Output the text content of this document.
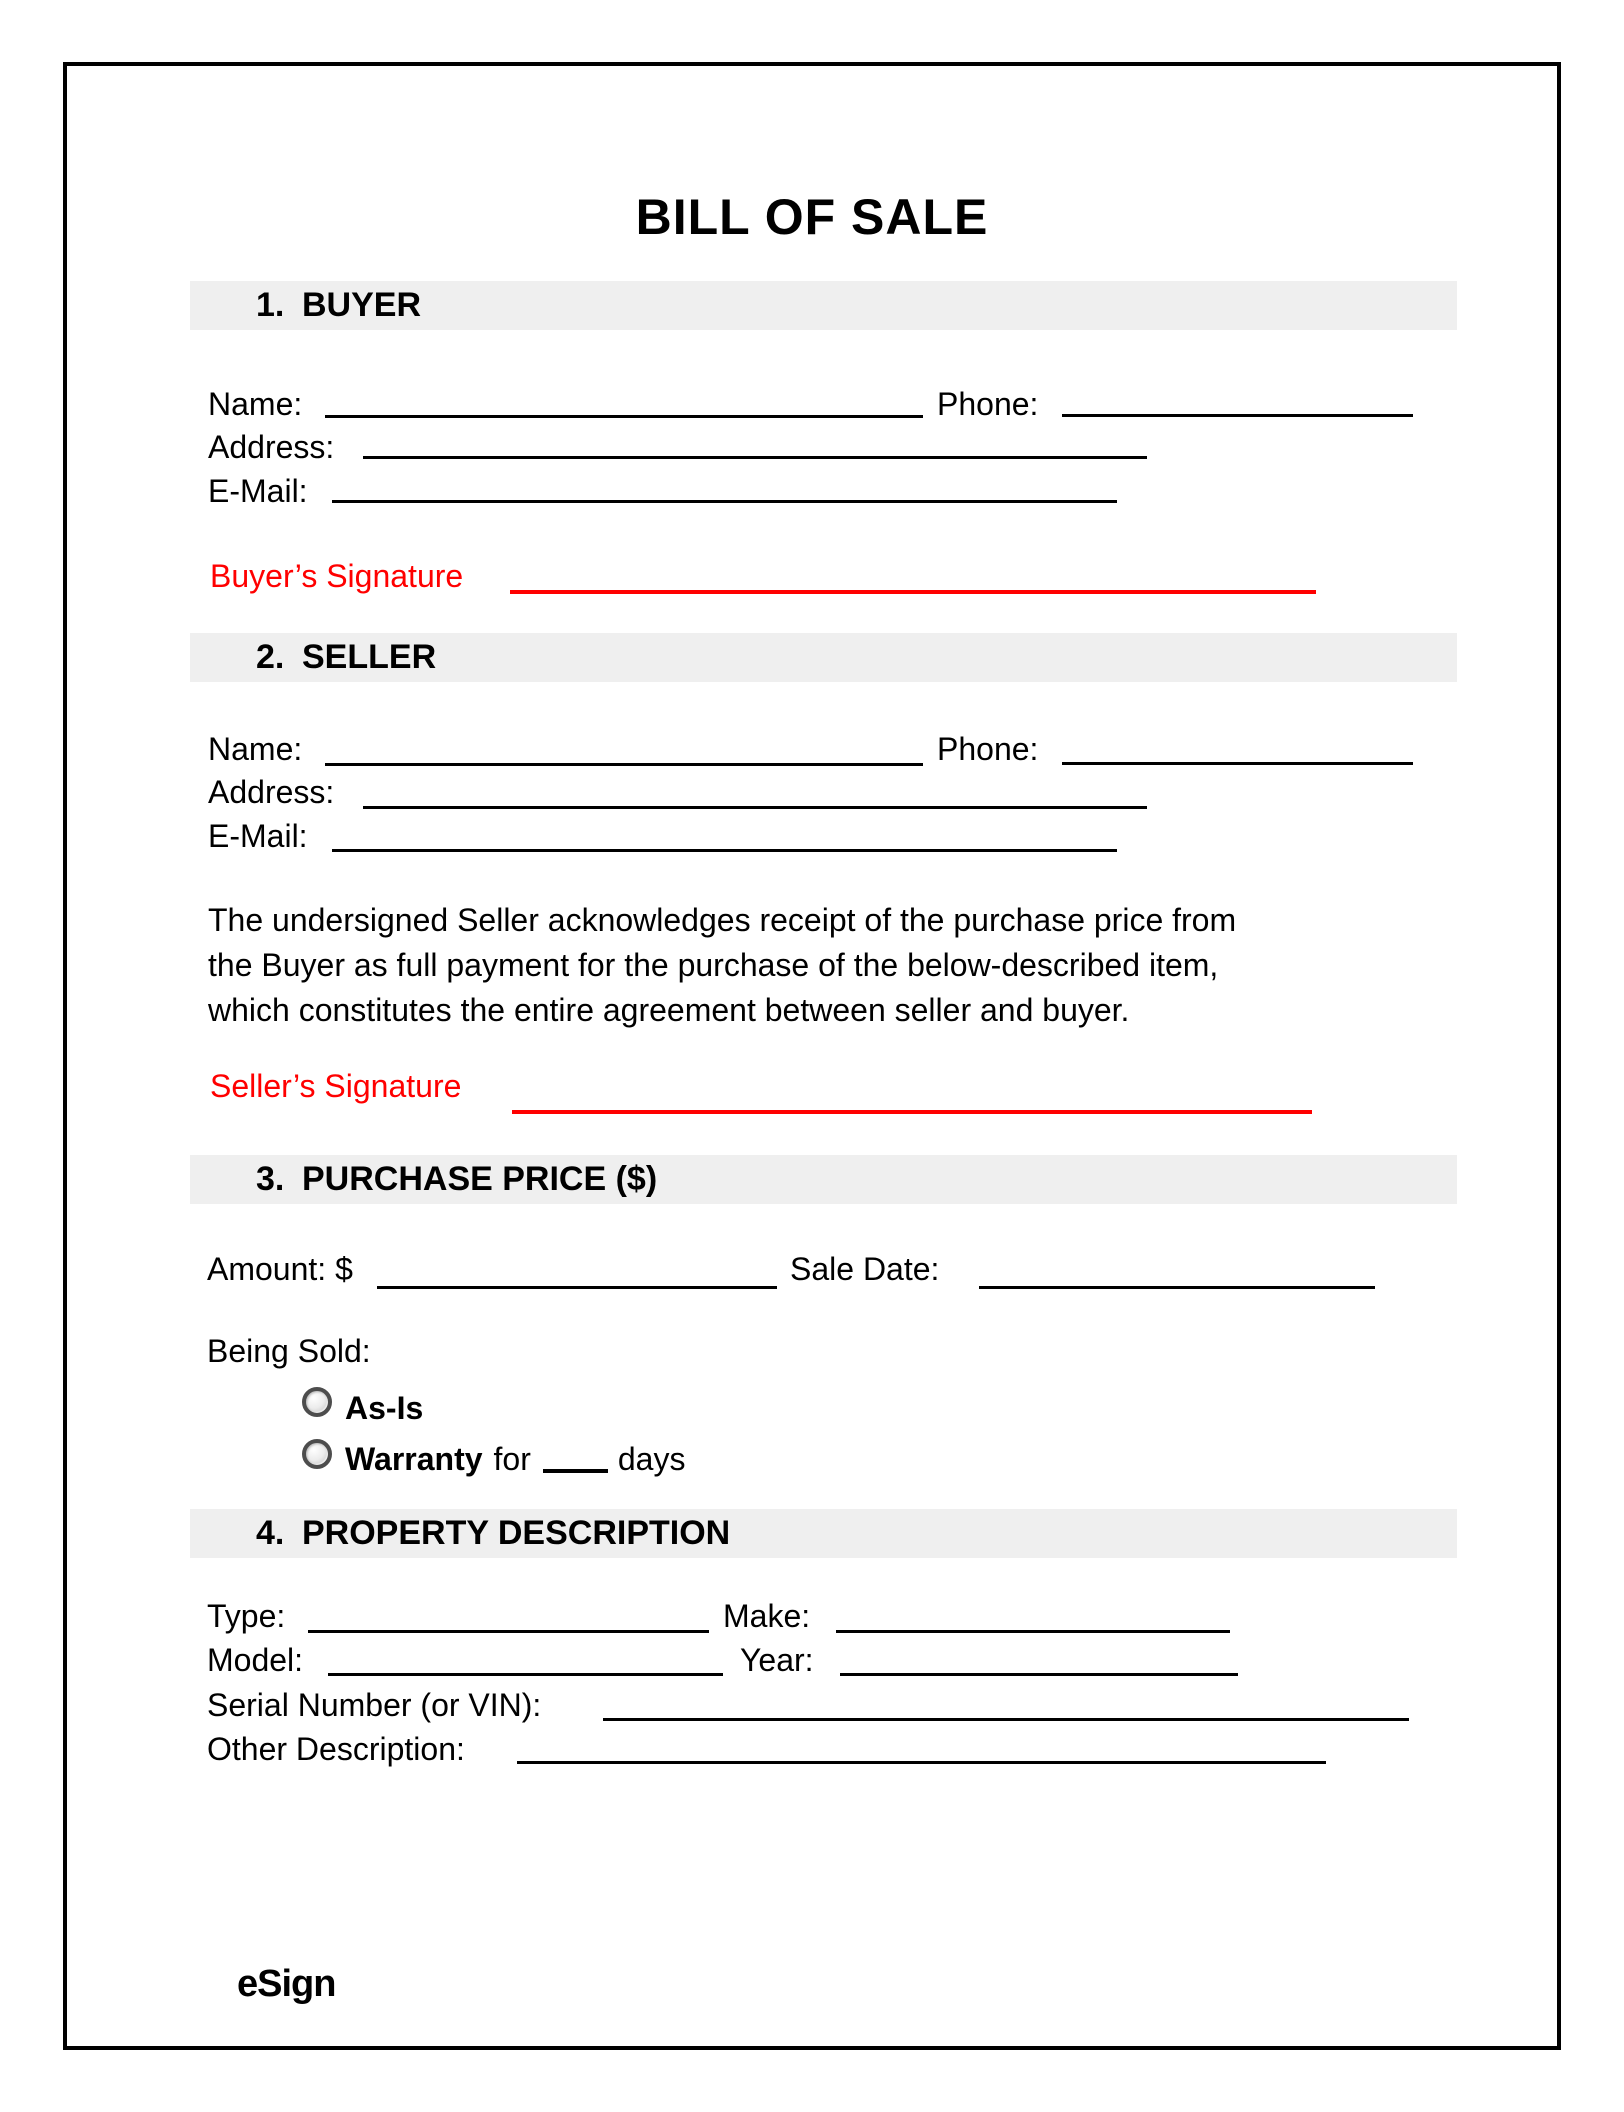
BILL OF SALE
1. BUYER
Name:	Phone:
Address:
E-Mail:
Buyer’s Signature
2. SELLER
Name:	Phone:
Address:
E-Mail:
The undersigned Seller acknowledges receipt of the purchase price from
the Buyer as full payment for the purchase of the below-described item,
which constitutes the entire agreement between seller and buyer.
Seller’s Signature
3. PURCHASE PRICE ($)
Amount: $	Sale Date:
Being Sold:
As-Is
Warranty for	days
4. PROPERTY DESCRIPTION
Type:	Make:
Model:	Year:
Serial Number (or VIN):
Other Description:
eSign
